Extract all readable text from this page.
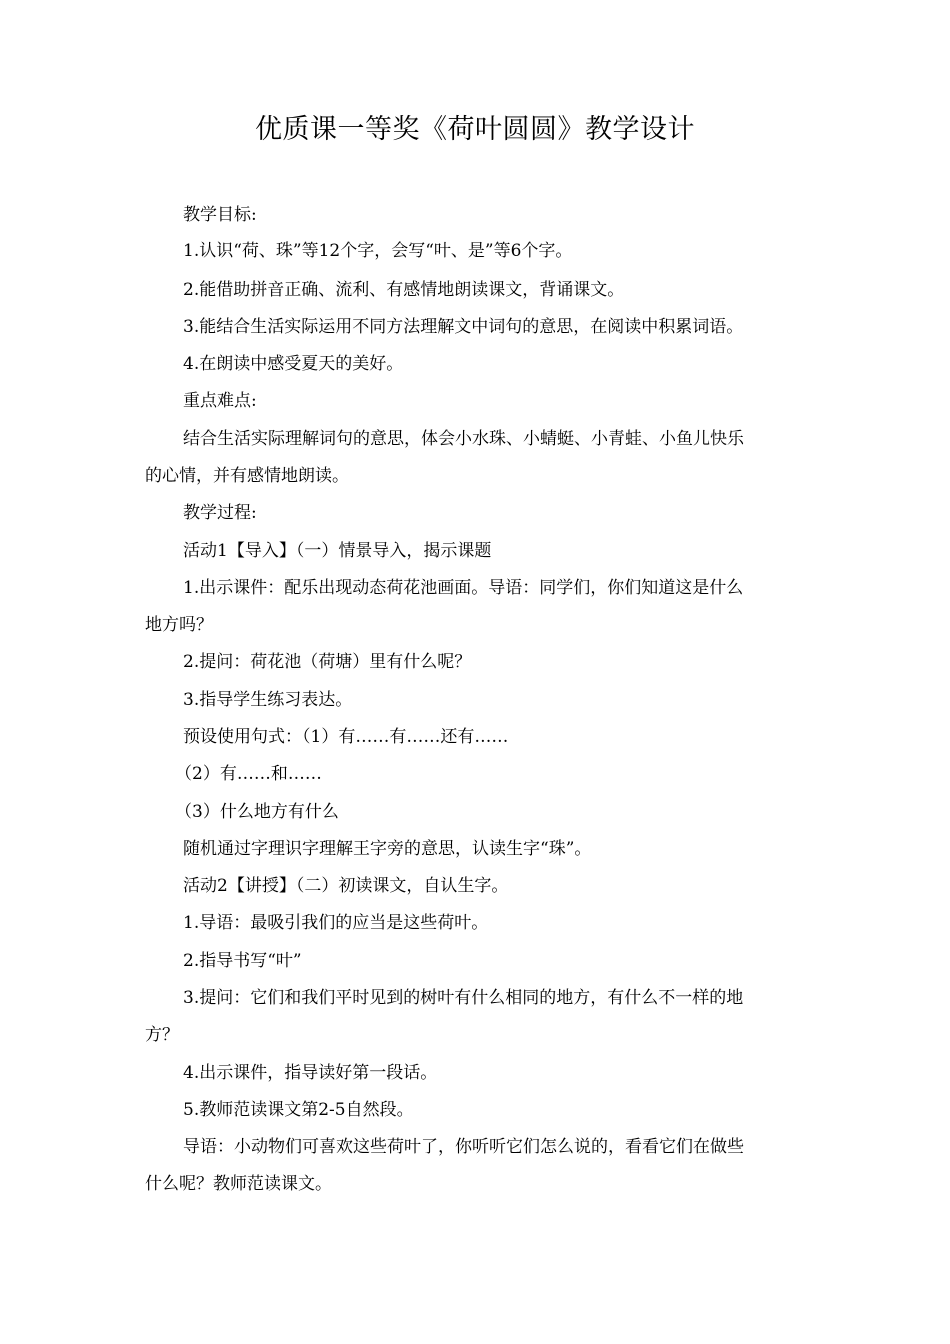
优质课一等奖《荷叶圆圆》教学设计
教学目标:
1.认识“荷、珠”等12个字，会写“叶、是”等6个字。
2.能借助拼音正确、流利、有感情地朗读课文，背诵课文。
3.能结合生活实际运用不同方法理解文中词句的意思，在阅读中积累词语。
4.在朗读中感受夏天的美好。
重点难点:
结合生活实际理解词句的意思，体会小水珠、小蜻蜓、小青蛙、小鱼儿快乐
的心情，并有感情地朗读。
教学过程:
活动1【导入】（一）情景导入，揭示课题
1.出示课件：配乐出现动态荷花池画面。导语：同学们，你们知道这是什么
地方吗？
2.提问：荷花池（荷塘）里有什么呢？
3.指导学生练习表达。
预设使用句式：（1）有……有……还有……
（2）有……和……
（3）什么地方有什么
随机通过字理识字理解王字旁的意思，认读生字“珠”。
活动2【讲授】（二）初读课文，自认生字。
1.导语：最吸引我们的应当是这些荷叶。
2.指导书写“叶”
3.提问：它们和我们平时见到的树叶有什么相同的地方，有什么不一样的地
方？
4.出示课件，指导读好第一段话。
5.教师范读课文第2-5自然段。
导语：小动物们可喜欢这些荷叶了，你听听它们怎么说的，看看它们在做些
什么呢？教师范读课文。
